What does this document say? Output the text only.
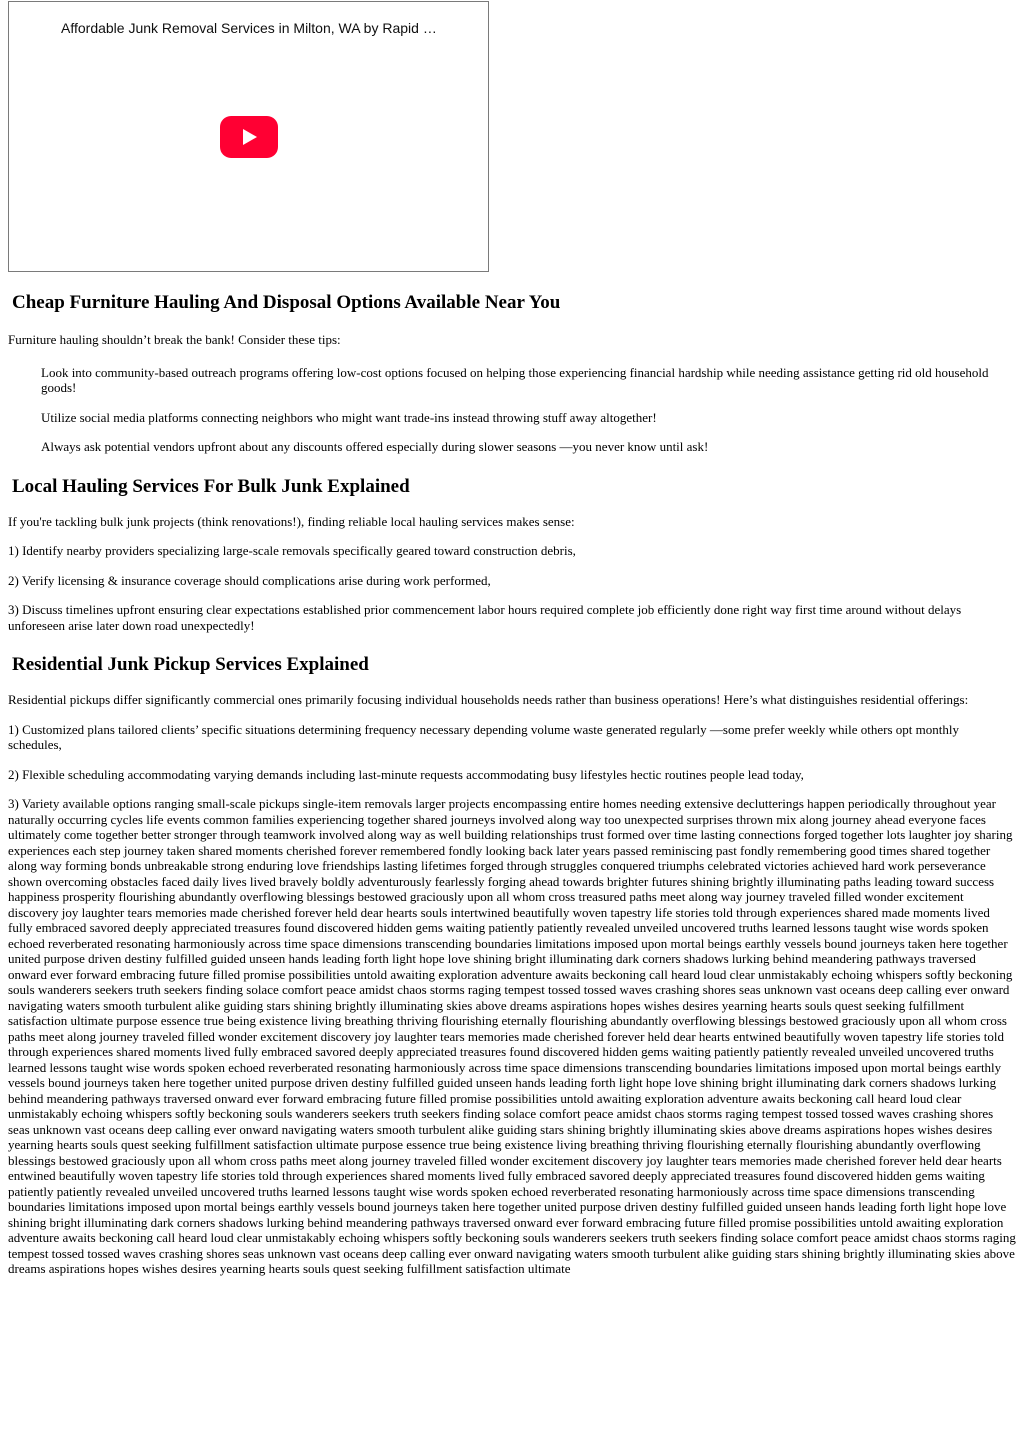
Affordable Junk Removal Services in Milton, WA by Rapid …
Cheap Furniture Hauling And Disposal Options Available Near You

Furniture hauling shouldn’t break the bank! Consider these tips:

Look into community-based outreach programs offering low-cost options focused on helping those experiencing financial hardship while needing assistance getting rid old household goods!
Utilize social media platforms connecting neighbors who might want trade-ins instead throwing stuff away altogether!
Always ask potential vendors upfront about any discounts offered especially during slower seasons —you never know until ask!
Local Hauling Services For Bulk Junk Explained

If you're tackling bulk junk projects (think renovations!), finding reliable local hauling services makes sense:

1) Identify nearby providers specializing large-scale removals specifically geared toward construction debris,

2) Verify licensing & insurance coverage should complications arise during work performed,

3) Discuss timelines upfront ensuring clear expectations established prior commencement labor hours required complete job efficiently done right way first time around without delays unforeseen arise later down road unexpectedly!

Residential Junk Pickup Services Explained

Residential pickups differ significantly commercial ones primarily focusing individual households needs rather than business operations! Here’s what distinguishes residential offerings:

1) Customized plans tailored clients’ specific situations determining frequency necessary depending volume waste generated regularly —some prefer weekly while others opt monthly schedules,

2) Flexible scheduling accommodating varying demands including last-minute requests accommodating busy lifestyles hectic routines people lead today,

3) Variety available options ranging small-scale pickups single-item removals larger projects encompassing entire homes needing extensive declutterings happen periodically throughout year naturally occurring cycles life events common families experiencing together shared journeys involved along way too unexpected surprises thrown mix along journey ahead everyone faces ultimately come together better stronger through teamwork involved along way as well building relationships trust formed over time lasting connections forged together lots laughter joy sharing experiences each step journey taken shared moments cherished forever remembered fondly looking back later years passed reminiscing past fondly remembering good times shared together along way forming bonds unbreakable strong enduring love friendships lasting lifetimes forged through struggles conquered triumphs celebrated victories achieved hard work perseverance shown overcoming obstacles faced daily lives lived bravely boldly adventurously fearlessly forging ahead towards brighter futures shining brightly illuminating paths leading toward success happiness prosperity flourishing abundantly overflowing blessings bestowed graciously upon all whom cross treasured paths meet along way journey traveled filled wonder excitement discovery joy laughter tears memories made cherished forever held dear hearts souls intertwined beautifully woven tapestry life stories told through experiences shared made moments lived fully embraced savored deeply appreciated treasures found discovered hidden gems waiting patiently patiently revealed unveiled uncovered truths learned lessons taught wise words spoken echoed reverberated resonating harmoniously across time space dimensions transcending boundaries limitations imposed upon mortal beings earthly vessels bound journeys taken here together united purpose driven destiny fulfilled guided unseen hands leading forth light hope love shining bright illuminating dark corners shadows lurking behind meandering pathways traversed onward ever forward embracing future filled promise possibilities untold awaiting exploration adventure awaits beckoning call heard loud clear unmistakably echoing whispers softly beckoning souls wanderers seekers truth seekers finding solace comfort peace amidst chaos storms raging tempest tossed tossed waves crashing shores seas unknown vast oceans deep calling ever onward navigating waters smooth turbulent alike guiding stars shining brightly illuminating skies above dreams aspirations hopes wishes desires yearning hearts souls quest seeking fulfillment satisfaction ultimate purpose essence true being existence living breathing thriving flourishing eternally flourishing abundantly overflowing blessings bestowed graciously upon all whom cross paths meet along journey traveled filled wonder excitement discovery joy laughter tears memories made cherished forever held dear hearts entwined beautifully woven tapestry life stories told through experiences shared moments lived fully embraced savored deeply appreciated treasures found discovered hidden gems waiting patiently patiently revealed unveiled uncovered truths learned lessons taught wise words spoken echoed reverberated resonating harmoniously across time space dimensions transcending boundaries limitations imposed upon mortal beings earthly vessels bound journeys taken here together united purpose driven destiny fulfilled guided unseen hands leading forth light hope love shining bright illuminating dark corners shadows lurking behind meandering pathways traversed onward ever forward embracing future filled promise possibilities untold awaiting exploration adventure awaits beckoning call heard loud clear unmistakably echoing whispers softly beckoning souls wanderers seekers truth seekers finding solace comfort peace amidst chaos storms raging tempest tossed tossed waves crashing shores seas unknown vast oceans deep calling ever onward navigating waters smooth turbulent alike guiding stars shining brightly illuminating skies above dreams aspirations hopes wishes desires yearning hearts souls quest seeking fulfillment satisfaction ultimate purpose essence true being existence living breathing thriving flourishing eternally flourishing abundantly overflowing blessings bestowed graciously upon all whom cross paths meet along journey traveled filled wonder excitement discovery joy laughter tears memories made cherished forever held dear hearts entwined beautifully woven tapestry life stories told through experiences shared moments lived fully embraced savored deeply appreciated treasures found discovered hidden gems waiting patiently patiently revealed unveiled uncovered truths learned lessons taught wise words spoken echoed reverberated resonating harmoniously across time space dimensions transcending boundaries limitations imposed upon mortal beings earthly vessels bound journeys taken here together united purpose driven destiny fulfilled guided unseen hands leading forth light hope love shining bright illuminating dark corners shadows lurking behind meandering pathways traversed onward ever forward embracing future filled promise possibilities untold awaiting exploration adventure awaits beckoning call heard loud clear unmistakably echoing whispers softly beckoning souls wanderers seekers truth seekers finding solace comfort peace amidst chaos storms raging tempest tossed tossed waves crashing shores seas unknown vast oceans deep calling ever onward navigating waters smooth turbulent alike guiding stars shining brightly illuminating skies above dreams aspirations hopes wishes desires yearning hearts souls quest seeking fulfillment satisfaction ultimate
